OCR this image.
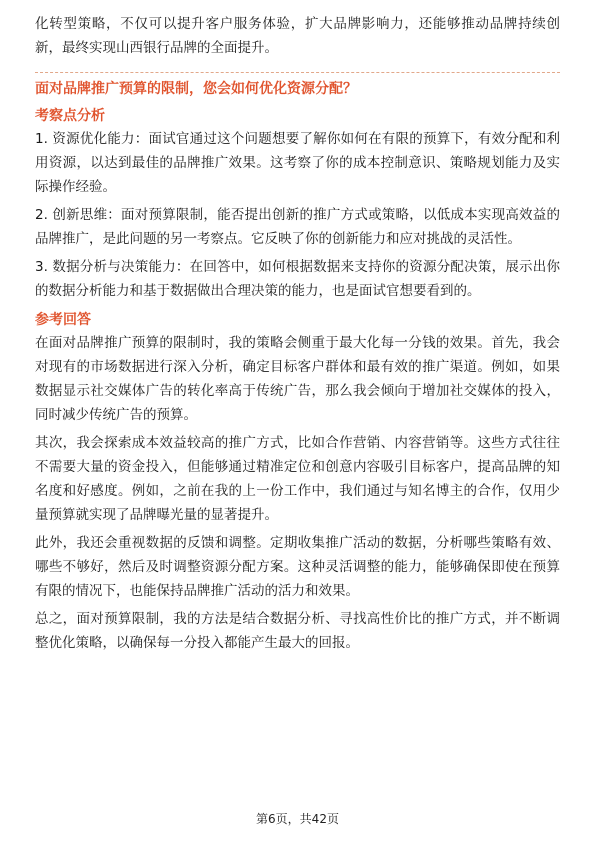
化转型策略，不仅可以提升客户服务体验，扩大品牌影响力，还能够推动品牌持续创新，最终实现山西银行品牌的全面提升。

面对品牌推广预算的限制，您会如何优化资源分配？
考察点分析

1. 资源优化能力：面试官通过这个问题想要了解你如何在有限的预算下，有效分配和利用资源，以达到最佳的品牌推广效果。这考察了你的成本控制意识、策略规划能力及实际操作经验。

2. 创新思维：面对预算限制，能否提出创新的推广方式或策略，以低成本实现高效益的品牌推广，是此问题的另一考察点。它反映了你的创新能力和应对挑战的灵活性。

3. 数据分析与决策能力：在回答中，如何根据数据来支持你的资源分配决策，展示出你的数据分析能力和基于数据做出合理决策的能力，也是面试官想要看到的。

参考回答

在面对品牌推广预算的限制时，我的策略会侧重于最大化每一分钱的效果。首先，我会对现有的市场数据进行深入分析，确定目标客户群体和最有效的推广渠道。例如，如果数据显示社交媒体广告的转化率高于传统广告，那么我会倾向于增加社交媒体的投入，同时减少传统广告的预算。

其次，我会探索成本效益较高的推广方式，比如合作营销、内容营销等。这些方式往往不需要大量的资金投入，但能够通过精准定位和创意内容吸引目标客户，提高品牌的知名度和好感度。例如，之前在我的上一份工作中，我们通过与知名博主的合作，仅用少量预算就实现了品牌曝光量的显著提升。

此外，我还会重视数据的反馈和调整。定期收集推广活动的数据，分析哪些策略有效、哪些不够好，然后及时调整资源分配方案。这种灵活调整的能力，能够确保即使在预算有限的情况下，也能保持品牌推广活动的活力和效果。

总之，面对预算限制，我的方法是结合数据分析、寻找高性价比的推广方式，并不断调整优化策略，以确保每一分投入都能产生最大的回报。

第6页，共42页
